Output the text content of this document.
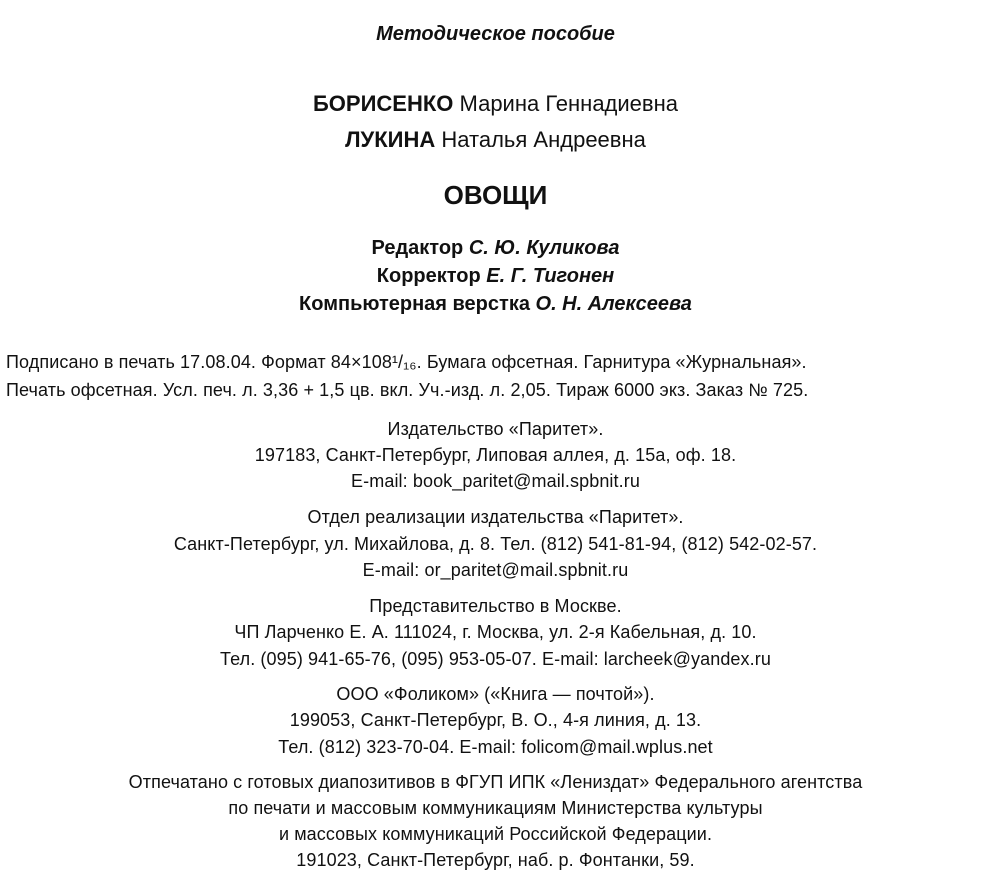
Методическое пособие
БОРИСЕНКО Марина Геннадиевна
ЛУКИНА Наталья Андреевна
ОВОЩИ
Редактор С. Ю. Куликова
Корректор Е. Г. Тигонен
Компьютерная верстка О. Н. Алексеева
Подписано в печать 17.08.04. Формат 84×108¹/₁₆. Бумага офсетная. Гарнитура «Журнальная».
Печать офсетная. Усл. печ. л. 3,36 + 1,5 цв. вкл. Уч.-изд. л. 2,05. Тираж 6000 экз. Заказ № 725.
Издательство «Паритет».
197183, Санкт-Петербург, Липовая аллея, д. 15а, оф. 18.
E-mail: book_paritet@mail.spbnit.ru
Отдел реализации издательства «Паритет».
Санкт-Петербург, ул. Михайлова, д. 8. Тел. (812) 541-81-94, (812) 542-02-57.
E-mail: or_paritet@mail.spbnit.ru
Представительство в Москве.
ЧП Ларченко Е. А. 111024, г. Москва, ул. 2-я Кабельная, д. 10.
Тел. (095) 941-65-76, (095) 953-05-07. E-mail: larcheek@yandex.ru
ООО «Фоликом» («Книга — почтой»).
199053, Санкт-Петербург, В. О., 4-я линия, д. 13.
Тел. (812) 323-70-04. E-mail: folicom@mail.wplus.net
Отпечатано с готовых диапозитивов в ФГУП ИПК «Лениздат» Федерального агентства
по печати и массовым коммуникациям Министерства культуры
и массовых коммуникаций Российской Федерации.
191023, Санкт-Петербург, наб. р. Фонтанки, 59.
